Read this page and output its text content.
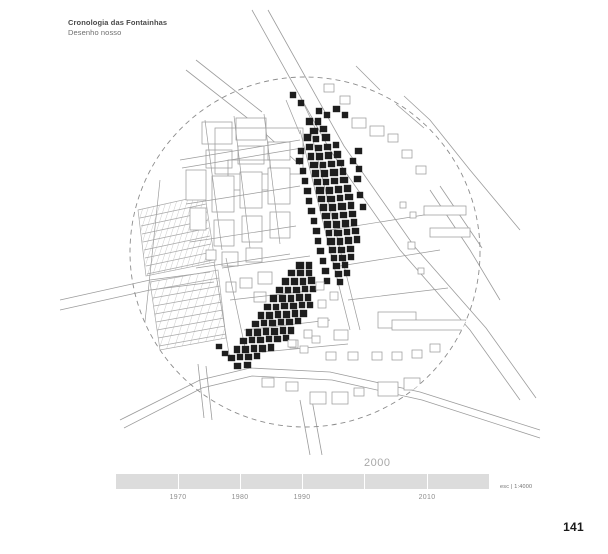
Cronologia das Fontainhas
Desenho nosso
2000
1970	1980	1990	2010
esc | 1:4000
141
